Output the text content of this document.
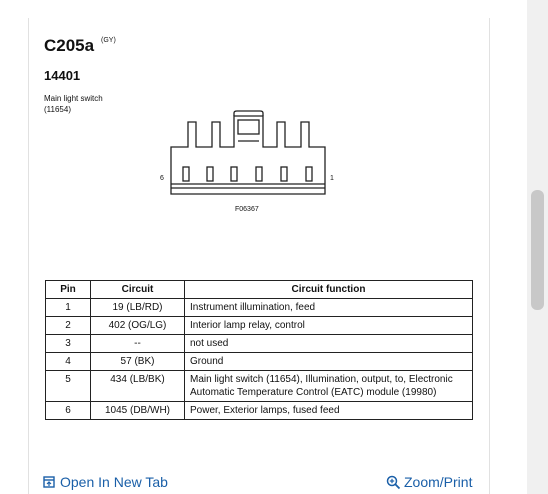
C205a (GY)
14401
Main light switch
(11654)
6	1
F06367
Pin	Circuit	Circuit function
1	19 (LB/RD)	Instrument illumination, feed
2	402 (OG/LG)	Interior lamp relay, control
3	--	not used
4	57 (BK)	Ground
5	434 (LB/BK)	Main light switch (11654), Illumination, output, to, Electronic Automatic Temperature Control (EATC) module (19980)
6	1045 (DB/WH)	Power, Exterior lamps, fused feed
Open In New Tab	Zoom/Print
